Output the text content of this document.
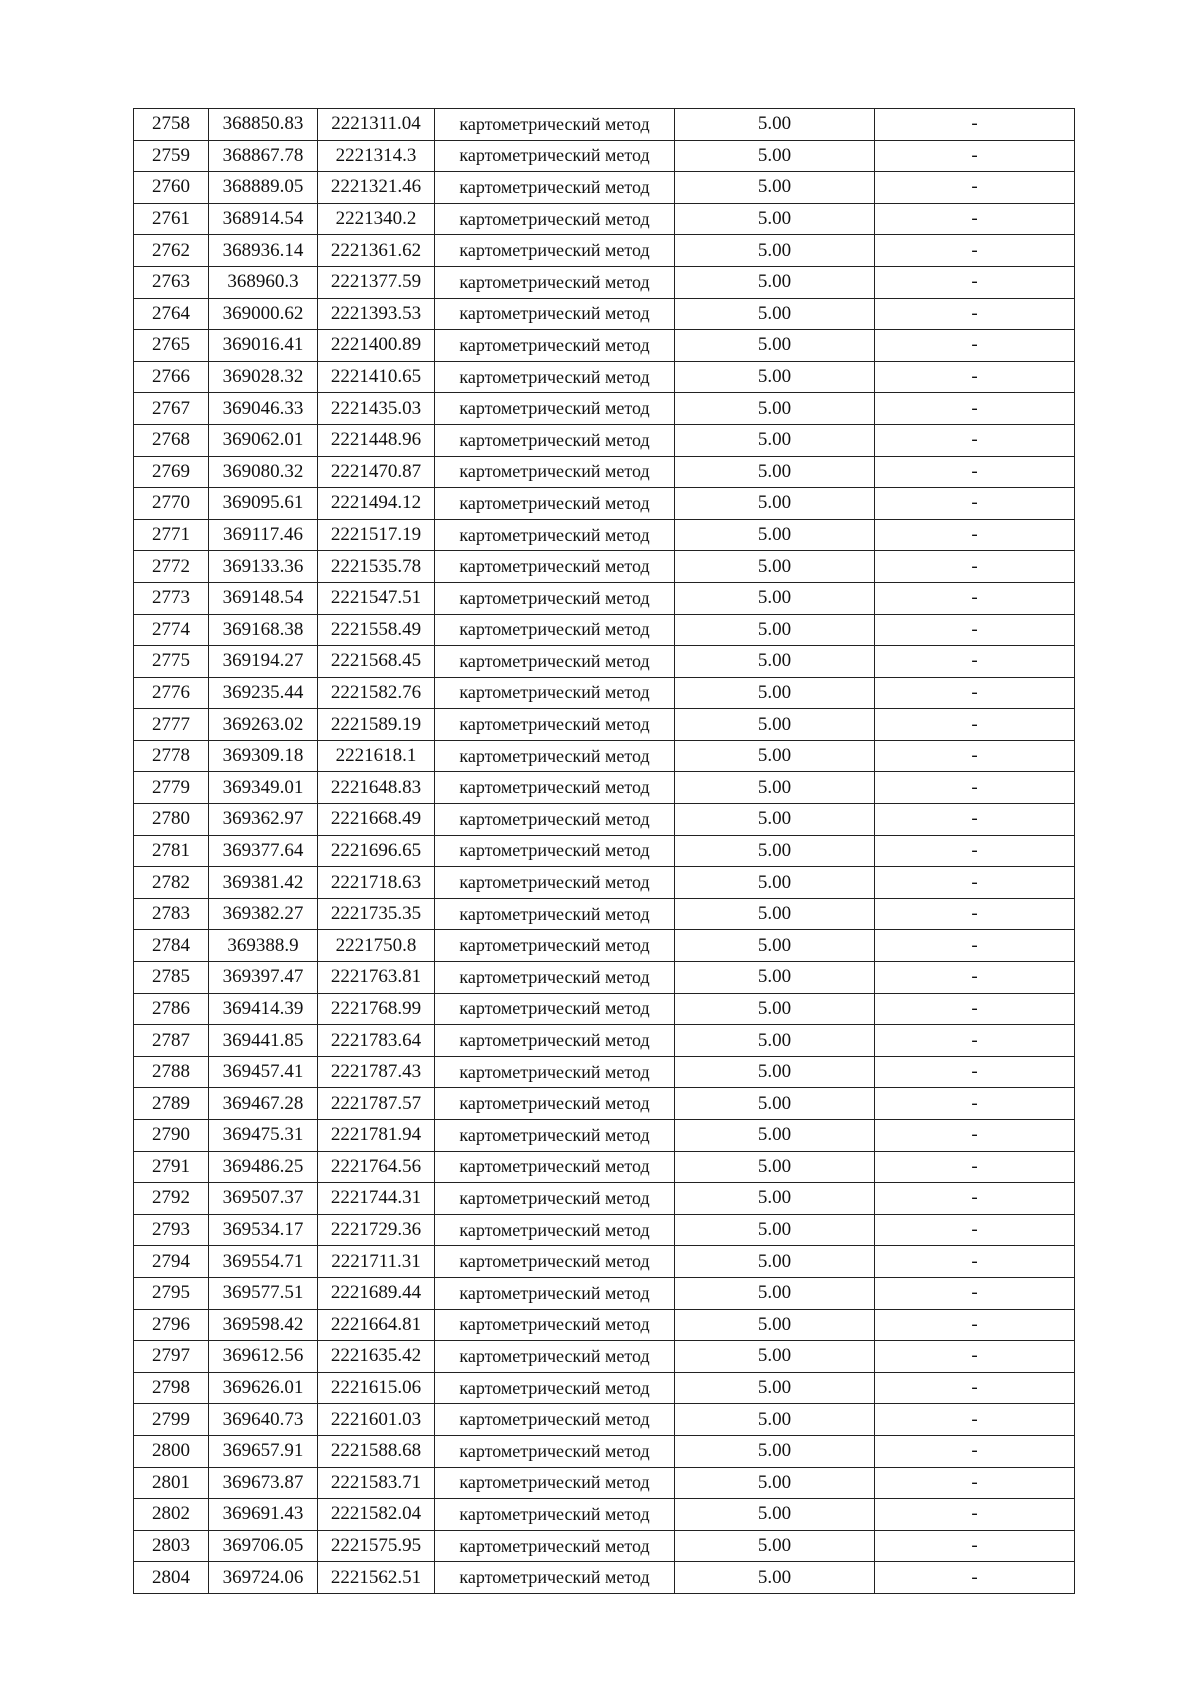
2758	368850.83	2221311.04	картометрический метод	5.00	-
2759	368867.78	2221314.3	картометрический метод	5.00	-
2760	368889.05	2221321.46	картометрический метод	5.00	-
2761	368914.54	2221340.2	картометрический метод	5.00	-
2762	368936.14	2221361.62	картометрический метод	5.00	-
2763	368960.3	2221377.59	картометрический метод	5.00	-
2764	369000.62	2221393.53	картометрический метод	5.00	-
2765	369016.41	2221400.89	картометрический метод	5.00	-
2766	369028.32	2221410.65	картометрический метод	5.00	-
2767	369046.33	2221435.03	картометрический метод	5.00	-
2768	369062.01	2221448.96	картометрический метод	5.00	-
2769	369080.32	2221470.87	картометрический метод	5.00	-
2770	369095.61	2221494.12	картометрический метод	5.00	-
2771	369117.46	2221517.19	картометрический метод	5.00	-
2772	369133.36	2221535.78	картометрический метод	5.00	-
2773	369148.54	2221547.51	картометрический метод	5.00	-
2774	369168.38	2221558.49	картометрический метод	5.00	-
2775	369194.27	2221568.45	картометрический метод	5.00	-
2776	369235.44	2221582.76	картометрический метод	5.00	-
2777	369263.02	2221589.19	картометрический метод	5.00	-
2778	369309.18	2221618.1	картометрический метод	5.00	-
2779	369349.01	2221648.83	картометрический метод	5.00	-
2780	369362.97	2221668.49	картометрический метод	5.00	-
2781	369377.64	2221696.65	картометрический метод	5.00	-
2782	369381.42	2221718.63	картометрический метод	5.00	-
2783	369382.27	2221735.35	картометрический метод	5.00	-
2784	369388.9	2221750.8	картометрический метод	5.00	-
2785	369397.47	2221763.81	картометрический метод	5.00	-
2786	369414.39	2221768.99	картометрический метод	5.00	-
2787	369441.85	2221783.64	картометрический метод	5.00	-
2788	369457.41	2221787.43	картометрический метод	5.00	-
2789	369467.28	2221787.57	картометрический метод	5.00	-
2790	369475.31	2221781.94	картометрический метод	5.00	-
2791	369486.25	2221764.56	картометрический метод	5.00	-
2792	369507.37	2221744.31	картометрический метод	5.00	-
2793	369534.17	2221729.36	картометрический метод	5.00	-
2794	369554.71	2221711.31	картометрический метод	5.00	-
2795	369577.51	2221689.44	картометрический метод	5.00	-
2796	369598.42	2221664.81	картометрический метод	5.00	-
2797	369612.56	2221635.42	картометрический метод	5.00	-
2798	369626.01	2221615.06	картометрический метод	5.00	-
2799	369640.73	2221601.03	картометрический метод	5.00	-
2800	369657.91	2221588.68	картометрический метод	5.00	-
2801	369673.87	2221583.71	картометрический метод	5.00	-
2802	369691.43	2221582.04	картометрический метод	5.00	-
2803	369706.05	2221575.95	картометрический метод	5.00	-
2804	369724.06	2221562.51	картометрический метод	5.00	-
